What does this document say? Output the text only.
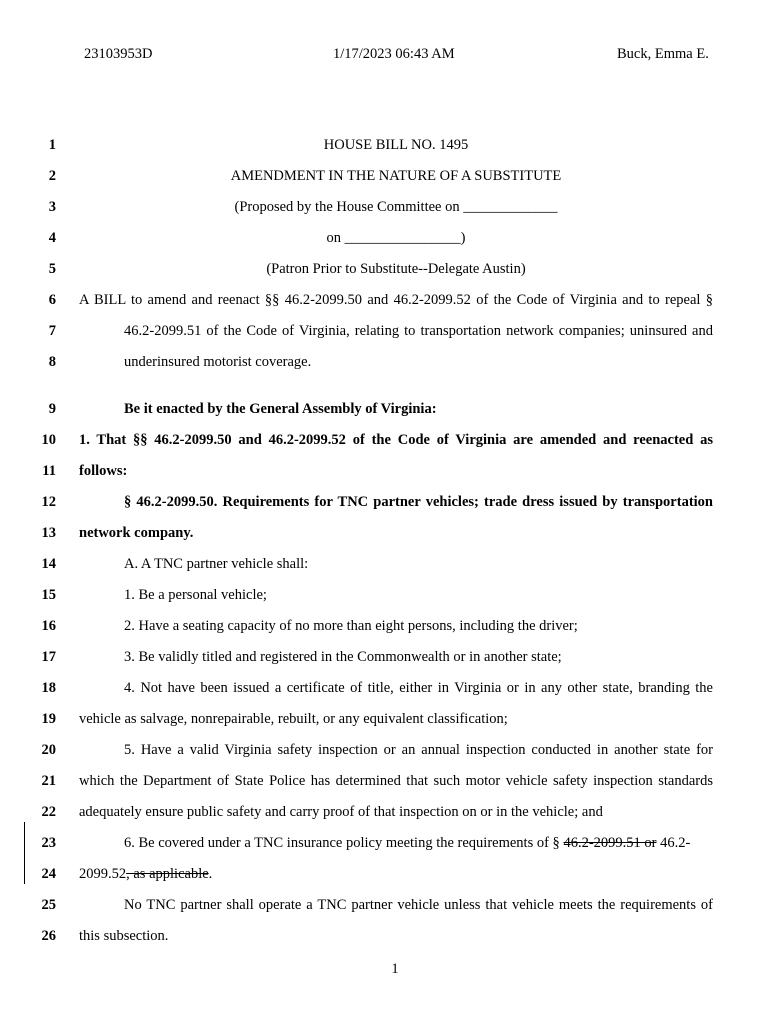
23103953D	1/17/2023 06:43 AM	Buck, Emma E.
1	HOUSE BILL NO. 1495
2	AMENDMENT IN THE NATURE OF A SUBSTITUTE
3	(Proposed by the House Committee on _____________
4	on ________________)
5	(Patron Prior to Substitute--Delegate Austin)
6 A BILL to amend and reenact §§ 46.2-2099.50 and 46.2-2099.52 of the Code of Virginia and to repeal §
7	46.2-2099.51 of the Code of Virginia, relating to transportation network companies; uninsured and
8	underinsured motorist coverage.
9	Be it enacted by the General Assembly of Virginia:
10 1. That §§ 46.2-2099.50 and 46.2-2099.52 of the Code of Virginia are amended and reenacted as
11 follows:
12	§ 46.2-2099.50. Requirements for TNC partner vehicles; trade dress issued by transportation
13 network company.
14	A. A TNC partner vehicle shall:
15	1. Be a personal vehicle;
16	2. Have a seating capacity of no more than eight persons, including the driver;
17	3. Be validly titled and registered in the Commonwealth or in another state;
18	4. Not have been issued a certificate of title, either in Virginia or in any other state, branding the
19 vehicle as salvage, nonrepairable, rebuilt, or any equivalent classification;
20	5. Have a valid Virginia safety inspection or an annual inspection conducted in another state for
21 which the Department of State Police has determined that such motor vehicle safety inspection standards
22 adequately ensure public safety and carry proof of that inspection on or in the vehicle; and
23	6. Be covered under a TNC insurance policy meeting the requirements of § 46.2-2099.51 or 46.2-
24 2099.52, as applicable.
25	No TNC partner shall operate a TNC partner vehicle unless that vehicle meets the requirements of
26 this subsection.
1
